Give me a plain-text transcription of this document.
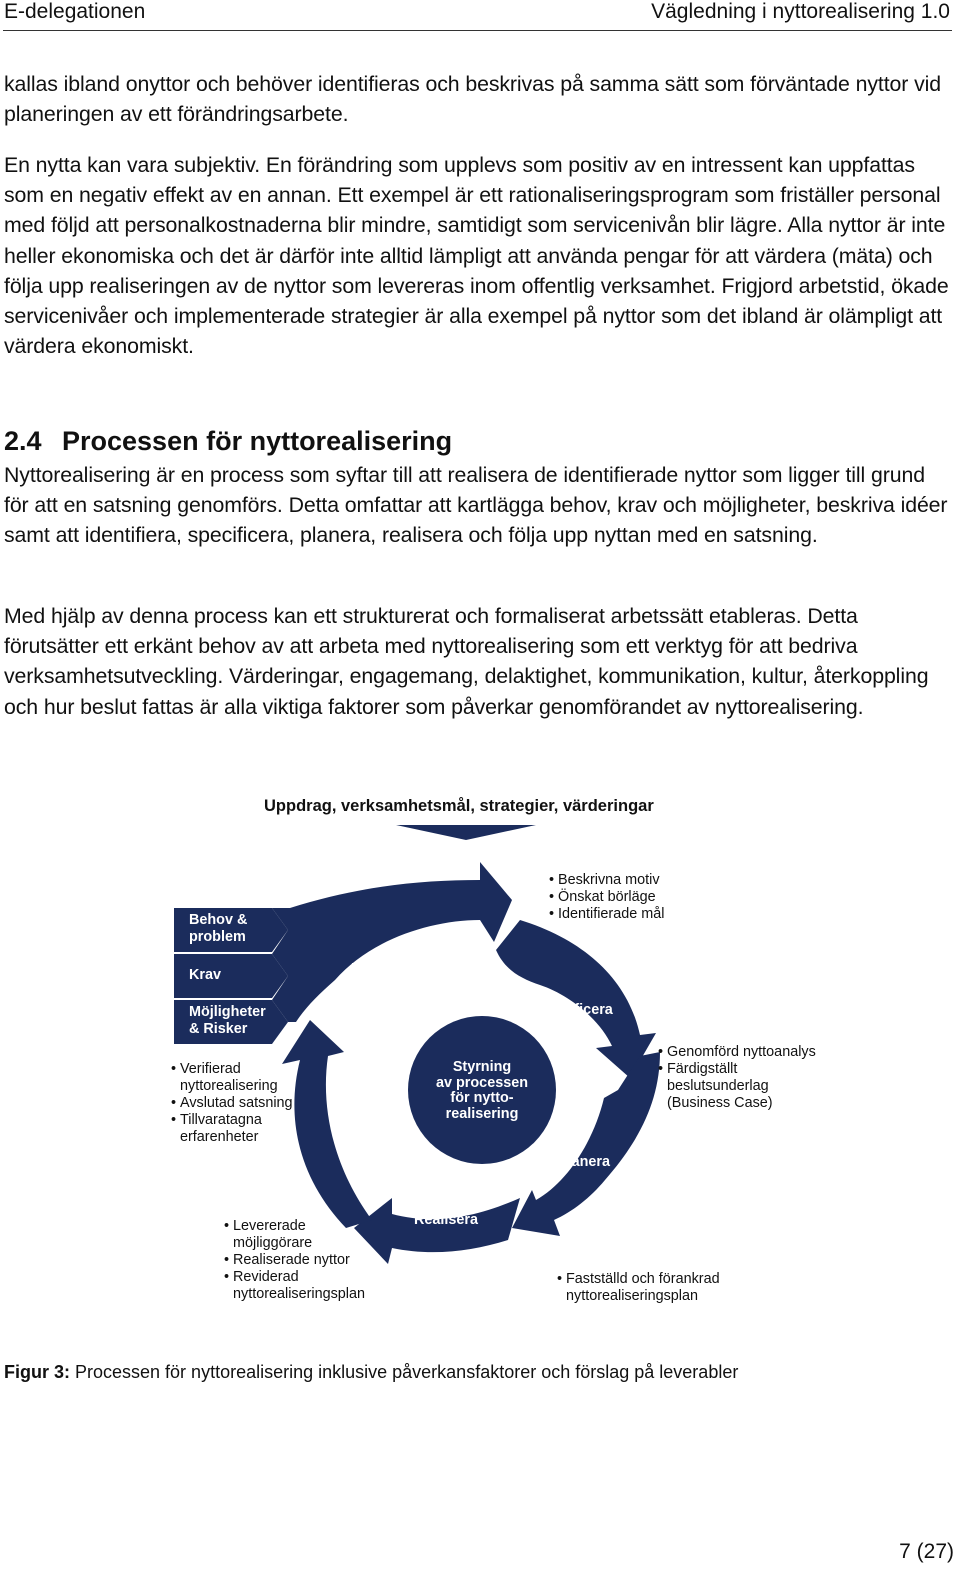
E-delegationen	Vägledning i nyttorealisering 1.0

kallas ibland onyttor och behöver identifieras och beskrivas på samma sätt som förväntade nyttor vid planeringen av ett förändringsarbete.

En nytta kan vara subjektiv. En förändring som upplevs som positiv av en intressent kan uppfattas som en negativ effekt av en annan. Ett exempel är ett rationaliseringsprogram som friställer personal med följd att personalkostnaderna blir mindre, samtidigt som servicenivån blir lägre. Alla nyttor är inte heller ekonomiska och det är därför inte alltid lämpligt att använda pengar för att värdera (mäta) och följa upp realiseringen av de nyttor som levereras inom offentlig verksamhet. Frigjord arbetstid, ökade servicenivåer och implementerade strategier är alla exempel på nyttor som det ibland är olämpligt att värdera ekonomiskt.

2.4 Processen för nyttorealisering

Nyttorealisering är en process som syftar till att realisera de identifierade nyttor som ligger till grund för att en satsning genomförs. Detta omfattar att kartlägga behov, krav och möjligheter, beskriva idéer samt att identifiera, specificera, planera, realisera och följa upp nyttan med en satsning.

Med hjälp av denna process kan ett strukturerat och formaliserat arbetssätt etableras. Detta förutsätter ett erkänt behov av att arbeta med nyttorealisering som ett verktyg för att bedriva verksamhetsutveckling. Värderingar, engagemang, delaktighet, kommunikation, kultur, återkoppling och hur beslut fattas är alla viktiga faktorer som påverkar genomförandet av nyttorealisering.

Uppdrag, verksamhetsmål, strategier, värderingar
Behov &
problem
Krav
Möjligheter
& Risker
Identifiera
Specificera
Planera
Realisera
Följ upp
Styrning
av processen
för nytto-
realisering
• Beskrivna motiv
• Önskat börläge
• Identifierade mål
• Genomförd nyttoanalys
• Färdigställt
beslutsunderlag
(Business Case)
• Fastställd och förankrad
nyttorealiseringsplan
• Levererade
möjliggörare
• Realiserade nyttor
• Reviderad
nyttorealiseringsplan
• Verifierad
nyttorealisering
• Avslutad satsning
• Tillvaratagna
erfarenheter

Figur 3: Processen för nyttorealisering inklusive påverkansfaktorer och förslag på leverabler

7 (27)
